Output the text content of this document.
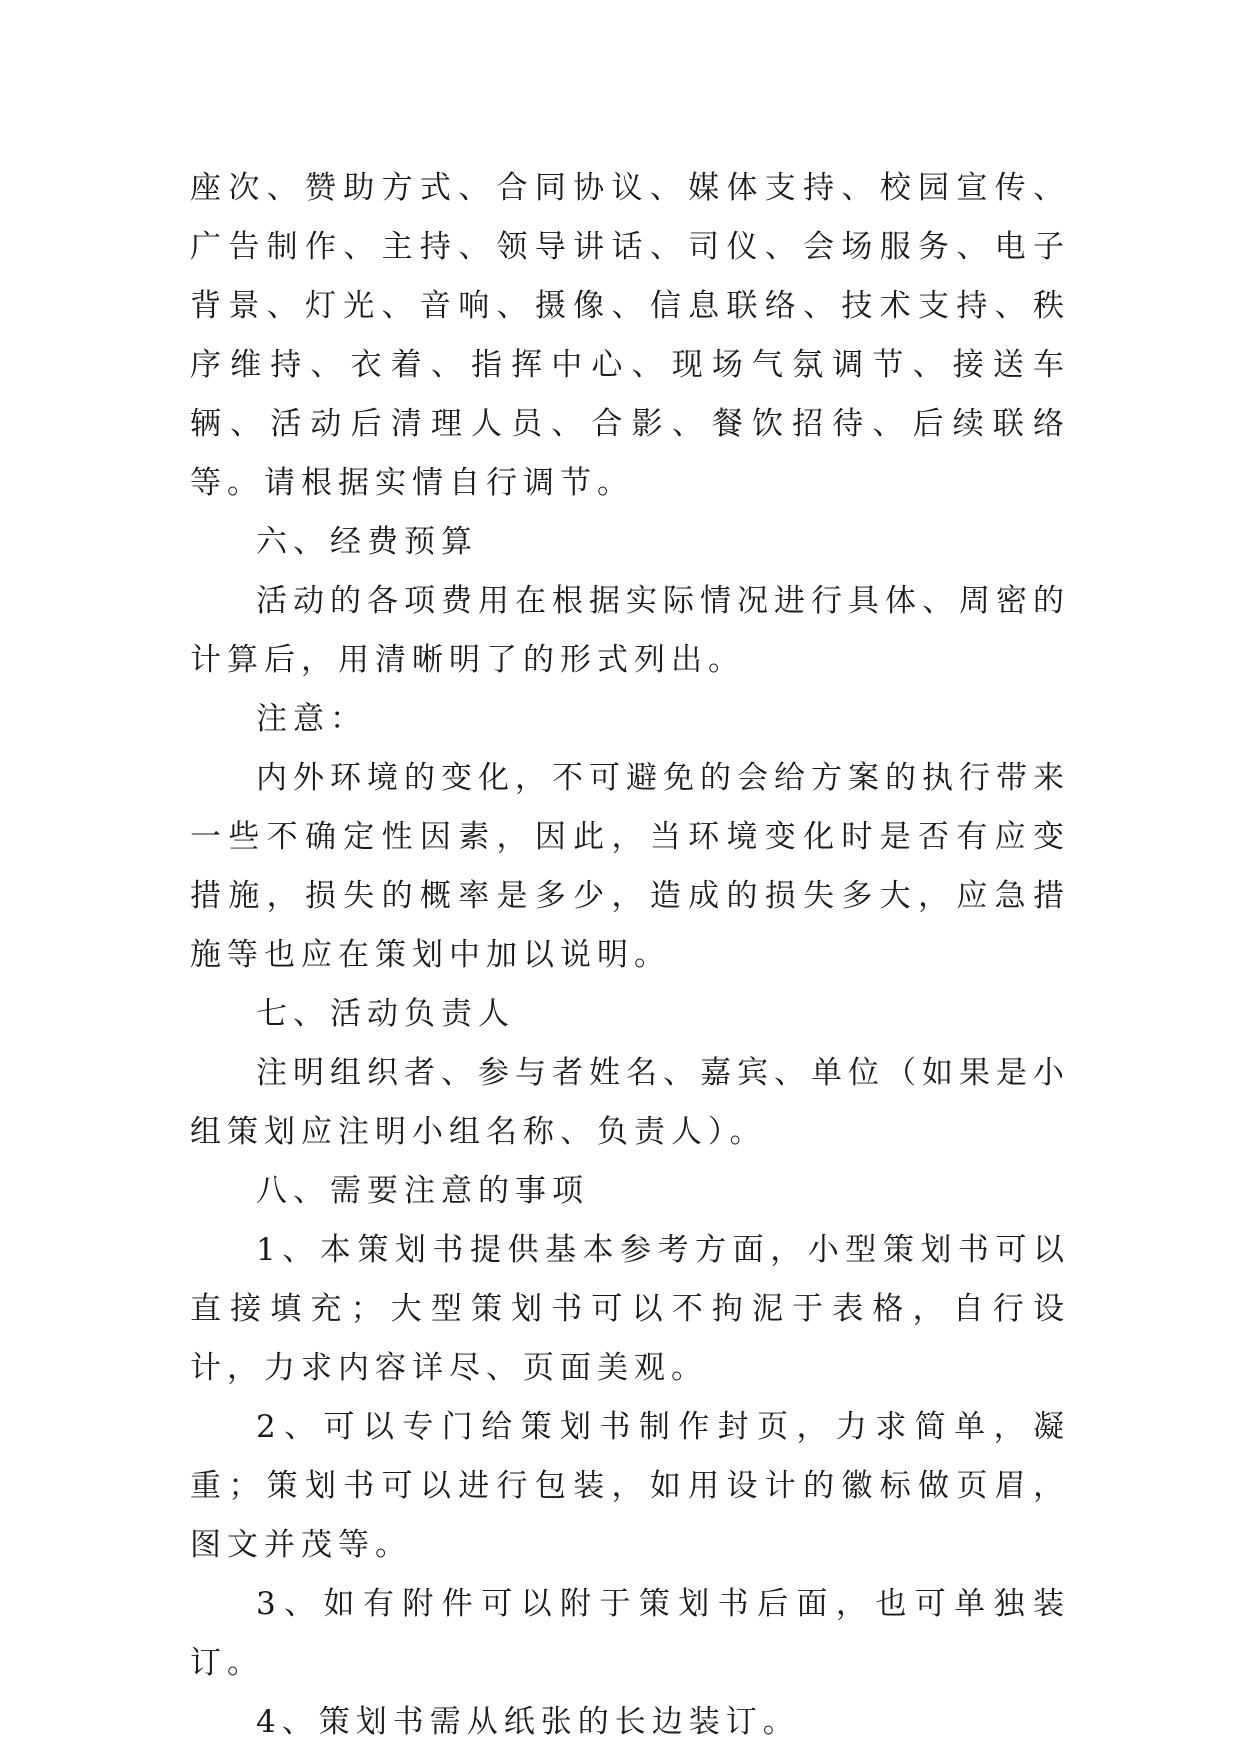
座次、赞助方式、合同协议、媒体支持、校园宣传、广告制作、主持、领导讲话、司仪、会场服务、电子背景、灯光、音响、摄像、信息联络、技术支持、秩序维持、衣着、指挥中心、现场气氛调节、接送车辆、活动后清理人员、合影、餐饮招待、后续联络等。请根据实情自行调节。

六、经费预算

活动的各项费用在根据实际情况进行具体、周密的计算后，用清晰明了的形式列出。

注意：

内外环境的变化，不可避免的会给方案的执行带来一些不确定性因素，因此，当环境变化时是否有应变措施，损失的概率是多少，造成的损失多大，应急措施等也应在策划中加以说明。

七、活动负责人

注明组织者、参与者姓名、嘉宾、单位（如果是小组策划应注明小组名称、负责人）。

八、需要注意的事项

1、本策划书提供基本参考方面，小型策划书可以直接填充；大型策划书可以不拘泥于表格，自行设计，力求内容详尽、页面美观。

2、可以专门给策划书制作封页，力求简单，凝重；策划书可以进行包装，如用设计的徽标做页眉，图文并茂等。

3、如有附件可以附于策划书后面，也可单独装订。

4、策划书需从纸张的长边装订。
